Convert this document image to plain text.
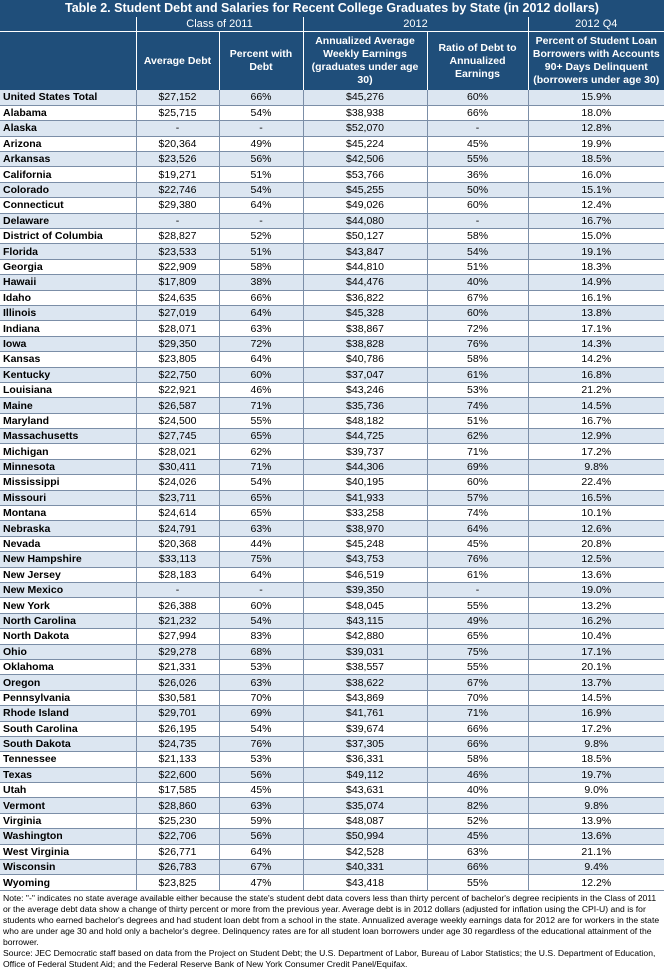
Table 2. Student Debt and Salaries for Recent College Graduates by State (in 2012 dollars)
	Class of 2011		2012		2012 Q4
	Average Debt	Percent with Debt	Annualized Average Weekly Earnings (graduates under age 30)	Ratio of Debt to Annualized Earnings	Percent of Student Loan Borrowers with Accounts 90+ Days Delinquent (borrowers under age 30)
United States Total	$27,152	66%	$45,276	60%	15.9%
Alabama	$25,715	54%	$38,938	66%	18.0%
Alaska	-	-	$52,070	-	12.8%
Arizona	$20,364	49%	$45,224	45%	19.9%
Arkansas	$23,526	56%	$42,506	55%	18.5%
California	$19,271	51%	$53,766	36%	16.0%
Colorado	$22,746	54%	$45,255	50%	15.1%
Connecticut	$29,380	64%	$49,026	60%	12.4%
Delaware	-	-	$44,080	-	16.7%
District of Columbia	$28,827	52%	$50,127	58%	15.0%
Florida	$23,533	51%	$43,847	54%	19.1%
Georgia	$22,909	58%	$44,810	51%	18.3%
Hawaii	$17,809	38%	$44,476	40%	14.9%
Idaho	$24,635	66%	$36,822	67%	16.1%
Illinois	$27,019	64%	$45,328	60%	13.8%
Indiana	$28,071	63%	$38,867	72%	17.1%
Iowa	$29,350	72%	$38,828	76%	14.3%
Kansas	$23,805	64%	$40,786	58%	14.2%
Kentucky	$22,750	60%	$37,047	61%	16.8%
Louisiana	$22,921	46%	$43,246	53%	21.2%
Maine	$26,587	71%	$35,736	74%	14.5%
Maryland	$24,500	55%	$48,182	51%	16.7%
Massachusetts	$27,745	65%	$44,725	62%	12.9%
Michigan	$28,021	62%	$39,737	71%	17.2%
Minnesota	$30,411	71%	$44,306	69%	9.8%
Mississippi	$24,026	54%	$40,195	60%	22.4%
Missouri	$23,711	65%	$41,933	57%	16.5%
Montana	$24,614	65%	$33,258	74%	10.1%
Nebraska	$24,791	63%	$38,970	64%	12.6%
Nevada	$20,368	44%	$45,248	45%	20.8%
New Hampshire	$33,113	75%	$43,753	76%	12.5%
New Jersey	$28,183	64%	$46,519	61%	13.6%
New Mexico	-	-	$39,350	-	19.0%
New York	$26,388	60%	$48,045	55%	13.2%
North Carolina	$21,232	54%	$43,115	49%	16.2%
North Dakota	$27,994	83%	$42,880	65%	10.4%
Ohio	$29,278	68%	$39,031	75%	17.1%
Oklahoma	$21,331	53%	$38,557	55%	20.1%
Oregon	$26,026	63%	$38,622	67%	13.7%
Pennsylvania	$30,581	70%	$43,869	70%	14.5%
Rhode Island	$29,701	69%	$41,761	71%	16.9%
South Carolina	$26,195	54%	$39,674	66%	17.2%
South Dakota	$24,735	76%	$37,305	66%	9.8%
Tennessee	$21,133	53%	$36,331	58%	18.5%
Texas	$22,600	56%	$49,112	46%	19.7%
Utah	$17,585	45%	$43,631	40%	9.0%
Vermont	$28,860	63%	$35,074	82%	9.8%
Virginia	$25,230	59%	$48,087	52%	13.9%
Washington	$22,706	56%	$50,994	45%	13.6%
West Virginia	$26,771	64%	$42,528	63%	21.1%
Wisconsin	$26,783	67%	$40,331	66%	9.4%
Wyoming	$23,825	47%	$43,418	55%	12.2%
Note: "-" indicates no state average available either because the state's student debt data covers less than thirty percent of bachelor's degree recipients in the Class of 2011 or the average debt data show a change of thirty percent or more from the previous year. Average debt is in 2012 dollars (adjusted for inflation using the CPI-U) and is for students who earned bachelor's degrees and had student loan debt from a school in the state. Annualized average weekly earnings data for 2012 are for workers in the state who are under age 30 and hold only a bachelor's degree. Delinquency rates are for all student loan borrowers under age 30 regardless of the educational attainment of the borrower.
Source: JEC Democratic staff based on data from the Project on Student Debt; the U.S. Department of Labor, Bureau of Labor Statistics; the U.S. Department of Education, Office of Federal Student Aid; and the Federal Reserve Bank of New York Consumer Credit Panel/Equifax.
